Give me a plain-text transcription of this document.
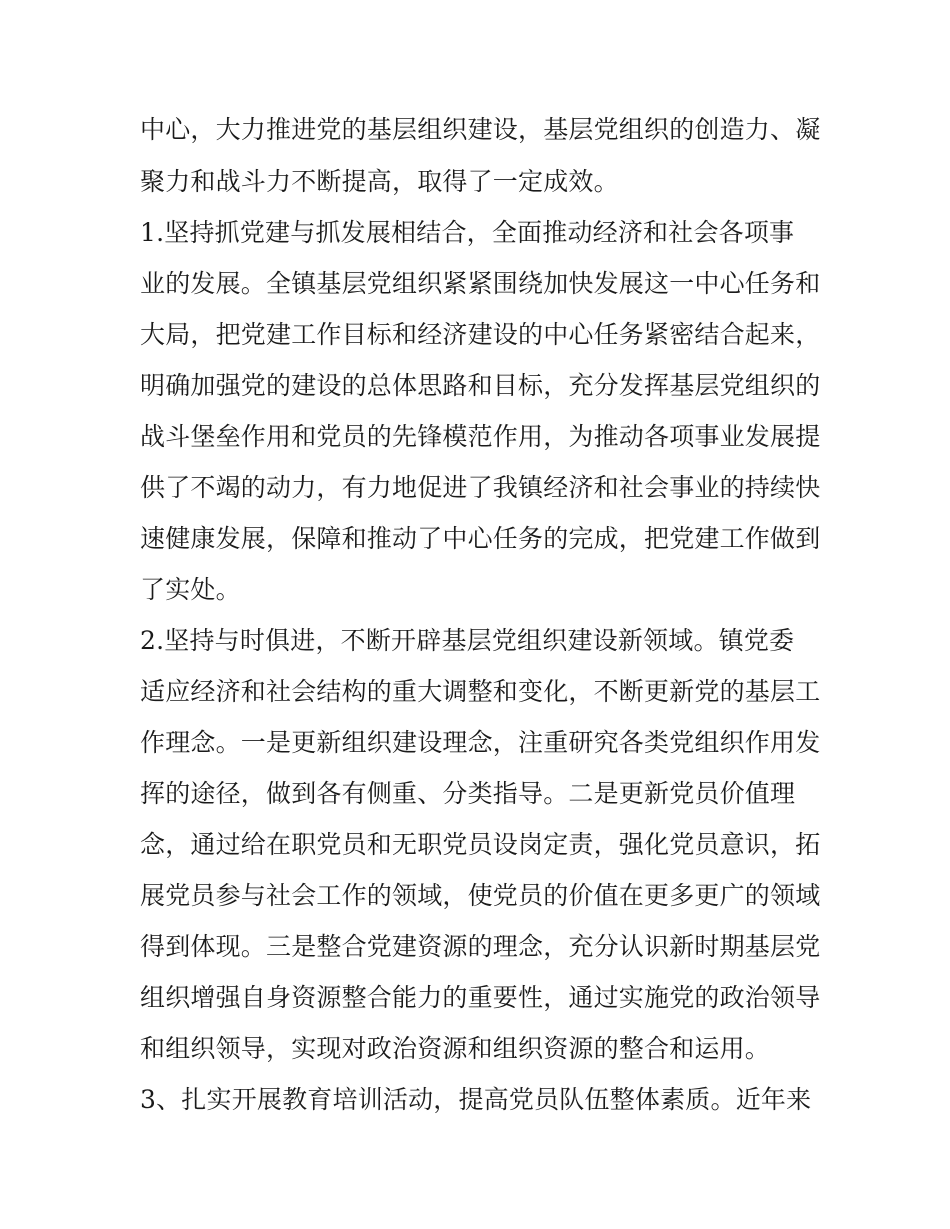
中心，大力推进党的基层组织建设，基层党组织的创造力、凝
聚力和战斗力不断提高，取得了一定成效。
1.坚持抓党建与抓发展相结合，全面推动经济和社会各项事
业的发展。全镇基层党组织紧紧围绕加快发展这一中心任务和
大局，把党建工作目标和经济建设的中心任务紧密结合起来，
明确加强党的建设的总体思路和目标，充分发挥基层党组织的
战斗堡垒作用和党员的先锋模范作用，为推动各项事业发展提
供了不竭的动力，有力地促进了我镇经济和社会事业的持续快
速健康发展，保障和推动了中心任务的完成，把党建工作做到
了实处。
2.坚持与时俱进，不断开辟基层党组织建设新领域。镇党委
适应经济和社会结构的重大调整和变化，不断更新党的基层工
作理念。一是更新组织建设理念，注重研究各类党组织作用发
挥的途径，做到各有侧重、分类指导。二是更新党员价值理
念，通过给在职党员和无职党员设岗定责，强化党员意识，拓
展党员参与社会工作的领域，使党员的价值在更多更广的领域
得到体现。三是整合党建资源的理念，充分认识新时期基层党
组织增强自身资源整合能力的重要性，通过实施党的政治领导
和组织领导，实现对政治资源和组织资源的整合和运用。
3、扎实开展教育培训活动，提高党员队伍整体素质。近年来
